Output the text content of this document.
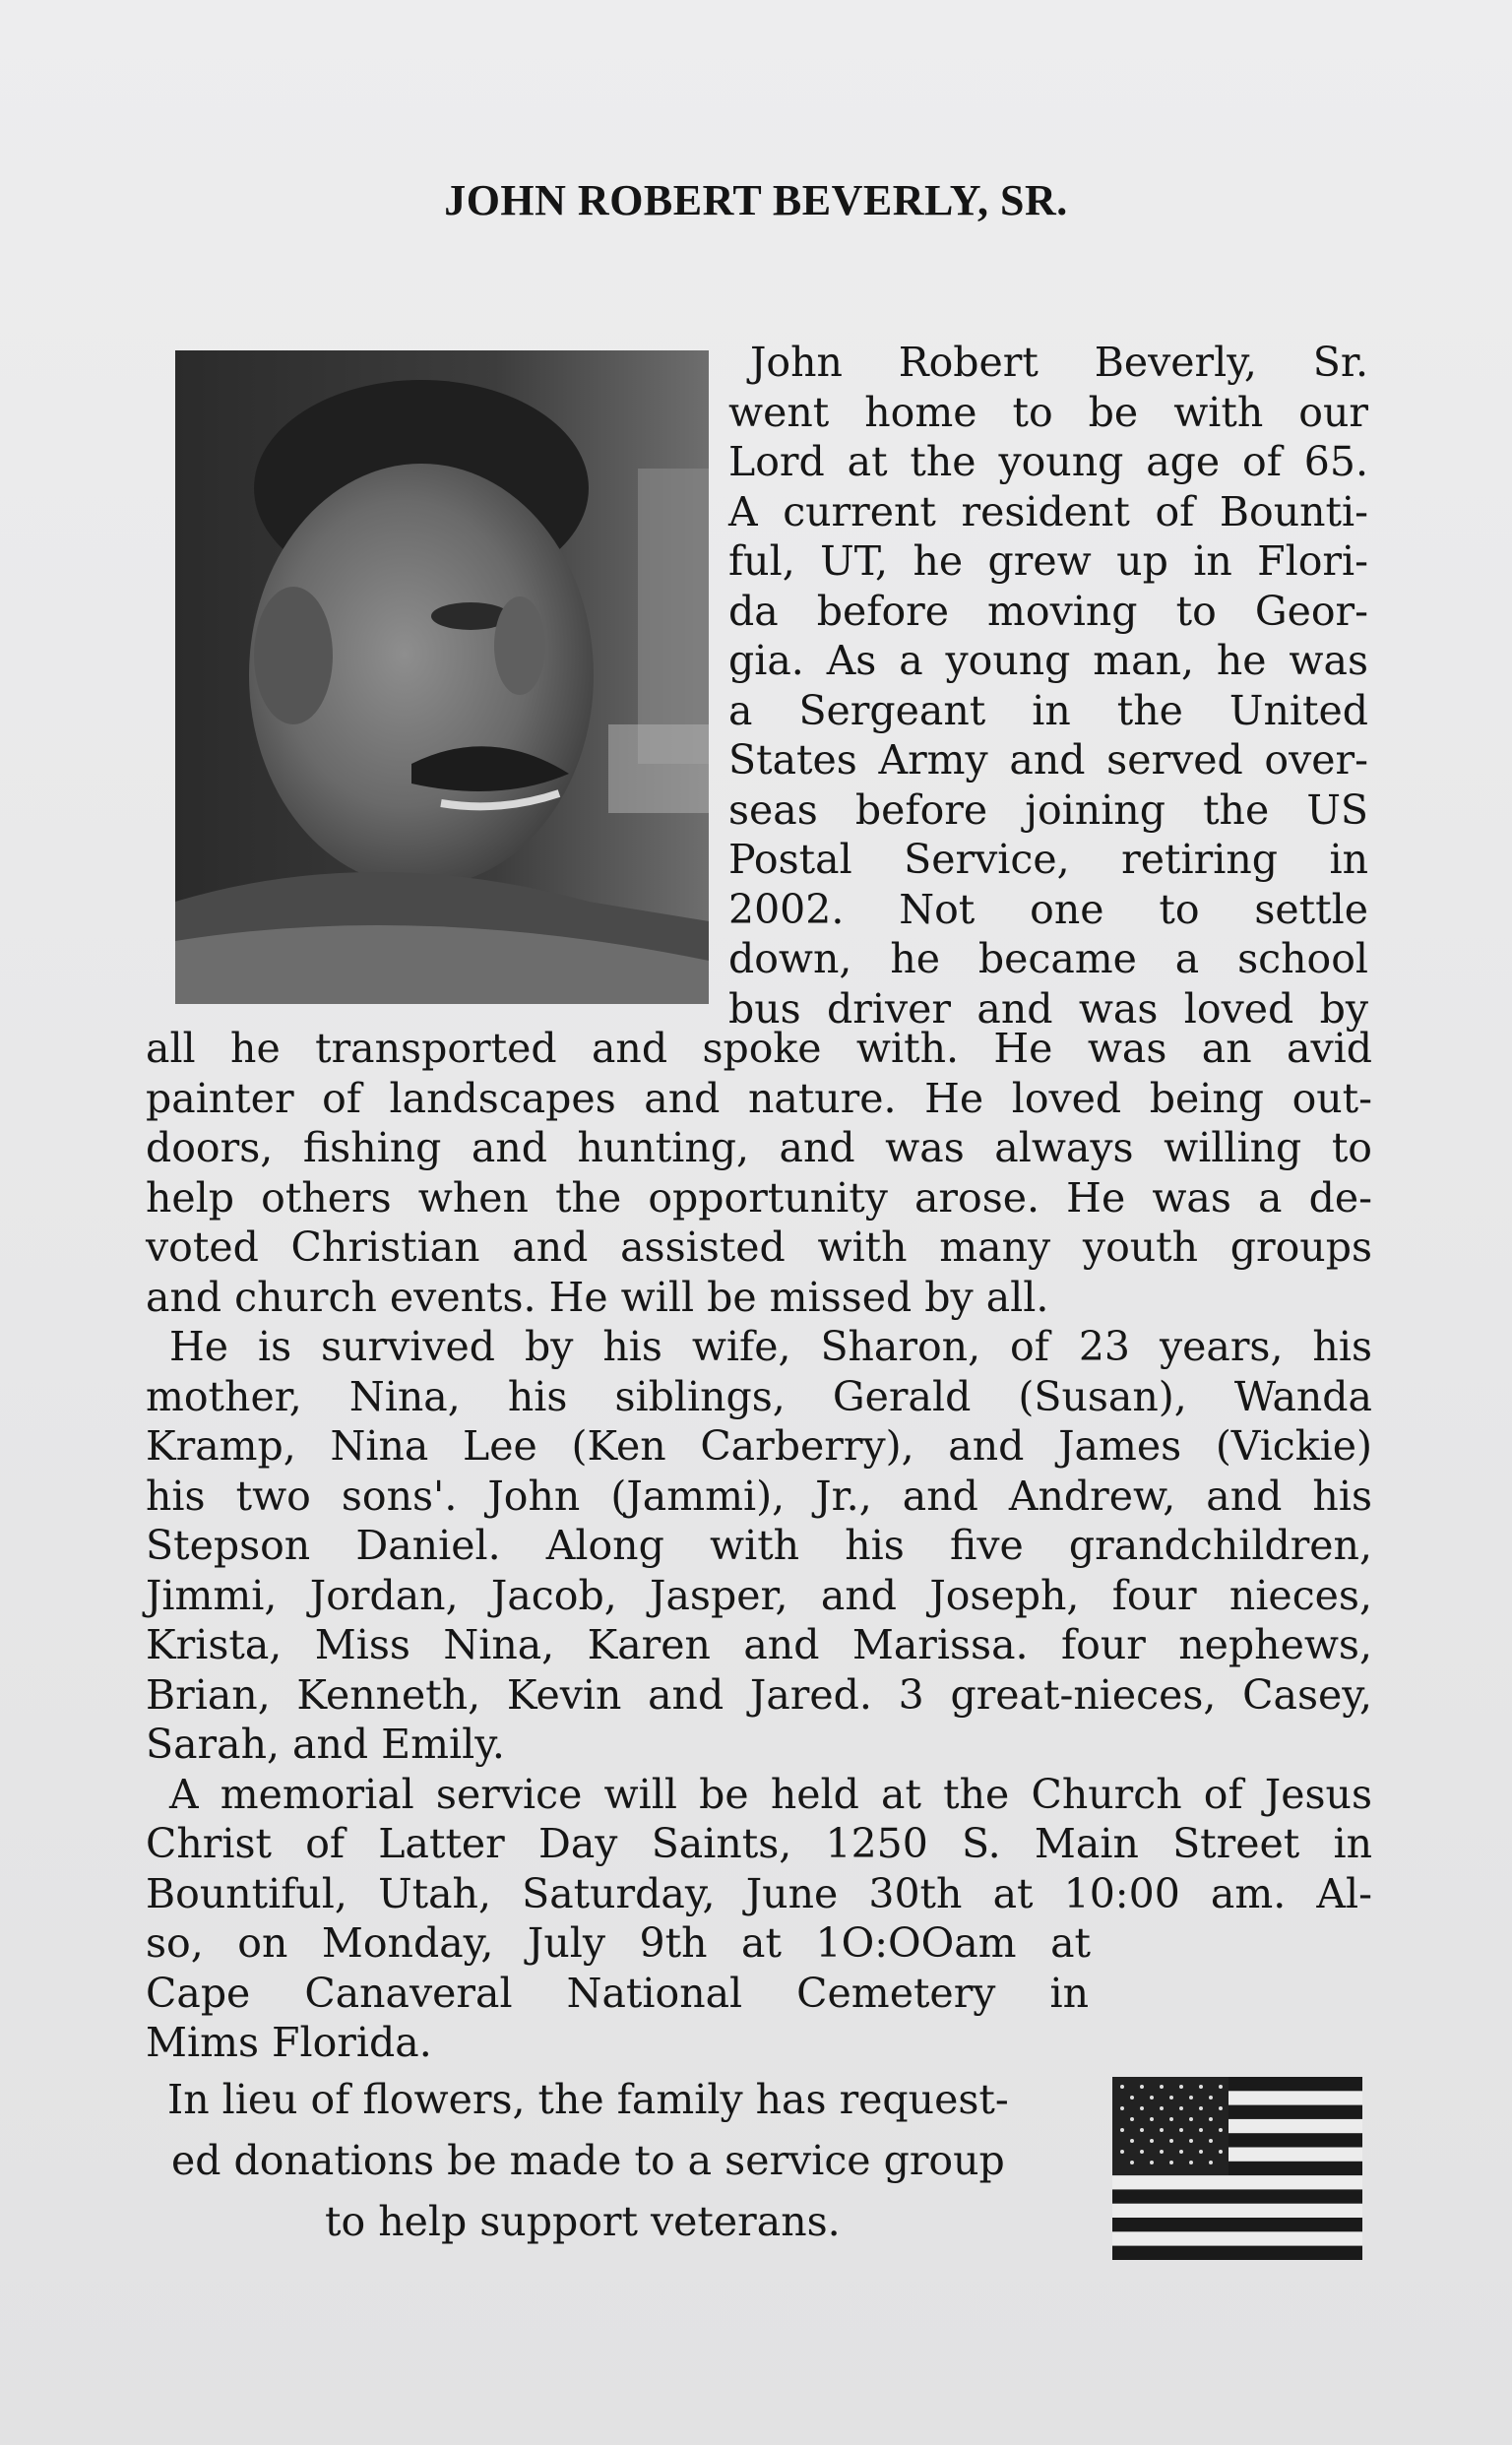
JOHN ROBERT BEVERLY, SR.
John Robert Beverly, Sr.
went home to be with our
Lord at the young age of 65.
A current resident of Bounti-
ful, UT, he grew up in Flori-
da before moving to Geor-
gia. As a young man, he was
a Sergeant in the United
States Army and served over-
seas before joining the US
Postal Service, retiring in
2002. Not one to settle
down, he became a school
bus driver and was loved by
all he transported and spoke with. He was an avid
painter of landscapes and nature. He loved being out-
doors, fishing and hunting, and was always willing to
help others when the opportunity arose. He was a de-
voted Christian and assisted with many youth groups
and church events. He will be missed by all.
He is survived by his wife, Sharon, of 23 years, his
mother, Nina, his siblings, Gerald (Susan), Wanda
Kramp, Nina Lee (Ken Carberry), and James (Vickie)
his two sons'. John (Jammi), Jr., and Andrew, and his
Stepson Daniel. Along with his five grandchildren,
Jimmi, Jordan, Jacob, Jasper, and Joseph, four nieces,
Krista, Miss Nina, Karen and Marissa. four nephews,
Brian, Kenneth, Kevin and Jared. 3 great-nieces, Casey,
Sarah, and Emily.
A memorial service will be held at the Church of Jesus
Christ of Latter Day Saints, 1250 S. Main Street in
Bountiful, Utah, Saturday, June 30th at 10:00 am. Al-
so, on Monday, July 9th at 1O:OOam at
Cape Canaveral National Cemetery in
Mims Florida.
In lieu of flowers, the family has request-
ed donations be made to a service group
to help support veterans.
